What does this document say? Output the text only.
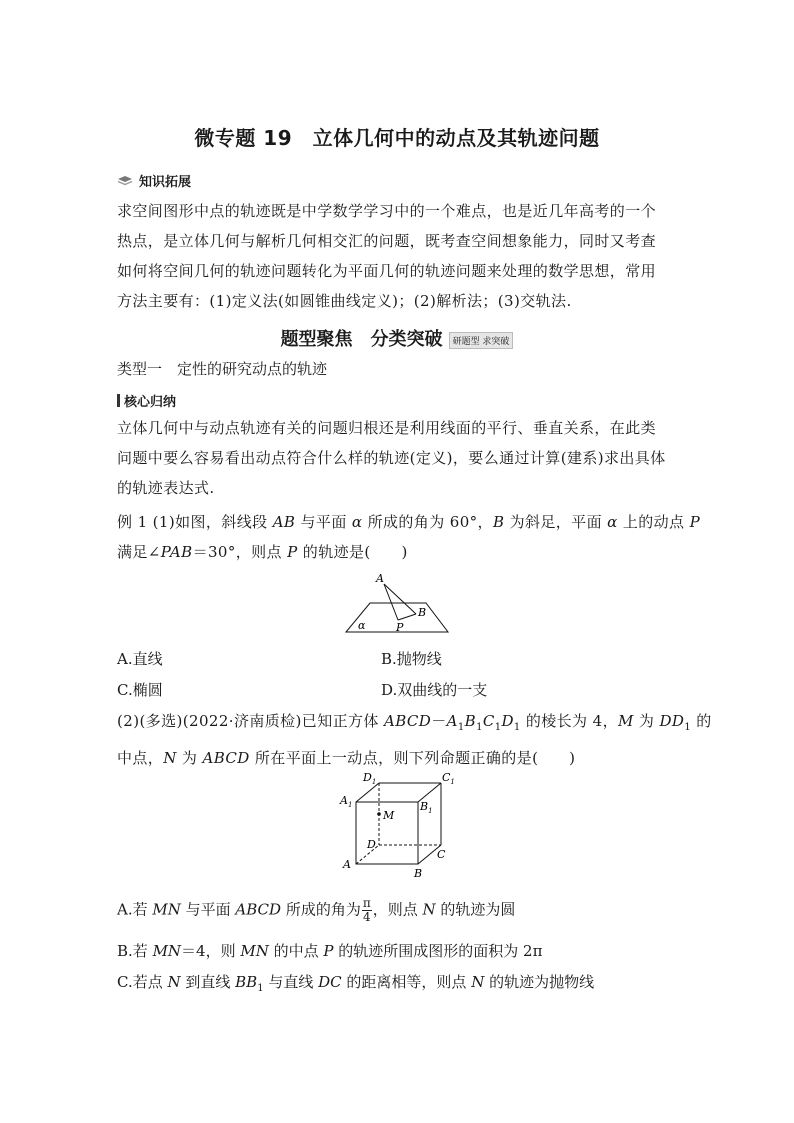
微专题 19　立体几何中的动点及其轨迹问题
知识拓展
求空间图形中点的轨迹既是中学数学学习中的一个难点，也是近几年高考的一个
热点，是立体几何与解析几何相交汇的问题，既考查空间想象能力，同时又考查
如何将空间几何的轨迹问题转化为平面几何的轨迹问题来处理的数学思想，常用
方法主要有：(1)定义法(如圆锥曲线定义)；(2)解析法；(3)交轨法.
题型聚焦　分类突破 研题型 求突破
类型一　定性的研究动点的轨迹
核心归纳
立体几何中与动点轨迹有关的问题归根还是利用线面的平行、垂直关系，在此类
问题中要么容易看出动点符合什么样的轨迹(定义)，要么通过计算(建系)求出具体
的轨迹表达式.
例 1 (1)如图，斜线段 AB 与平面 α 所成的角为 60°，B 为斜足，平面 α 上的动点 P
满足∠PAB＝30°，则点 P 的轨迹是(　　)
A
B
P
α
A.直线	B.抛物线
C.椭圆	D.双曲线的一支
(2)(多选)(2022·济南质检)已知正方体 $ABCD-A_1B_1C_1D_1$ 的棱长为 4，M 为 $DD_1$ 的
中点，N 为 ABCD 所在平面上一动点，则下列命题正确的是(　　)
M
$D_1$	$C_1$
$A_1$	$B_1$
D
C
A
B
A.若 MN 与平面 ABCD 所成的角为 $\frac{\pi}{4}$ ，则点 N 的轨迹为圆
B.若 MN＝4，则 MN 的中点 P 的轨迹所围成图形的面积为 2π
C.若点 N 到直线 $BB_1$ 与直线 DC 的距离相等，则点 N 的轨迹为抛物线
